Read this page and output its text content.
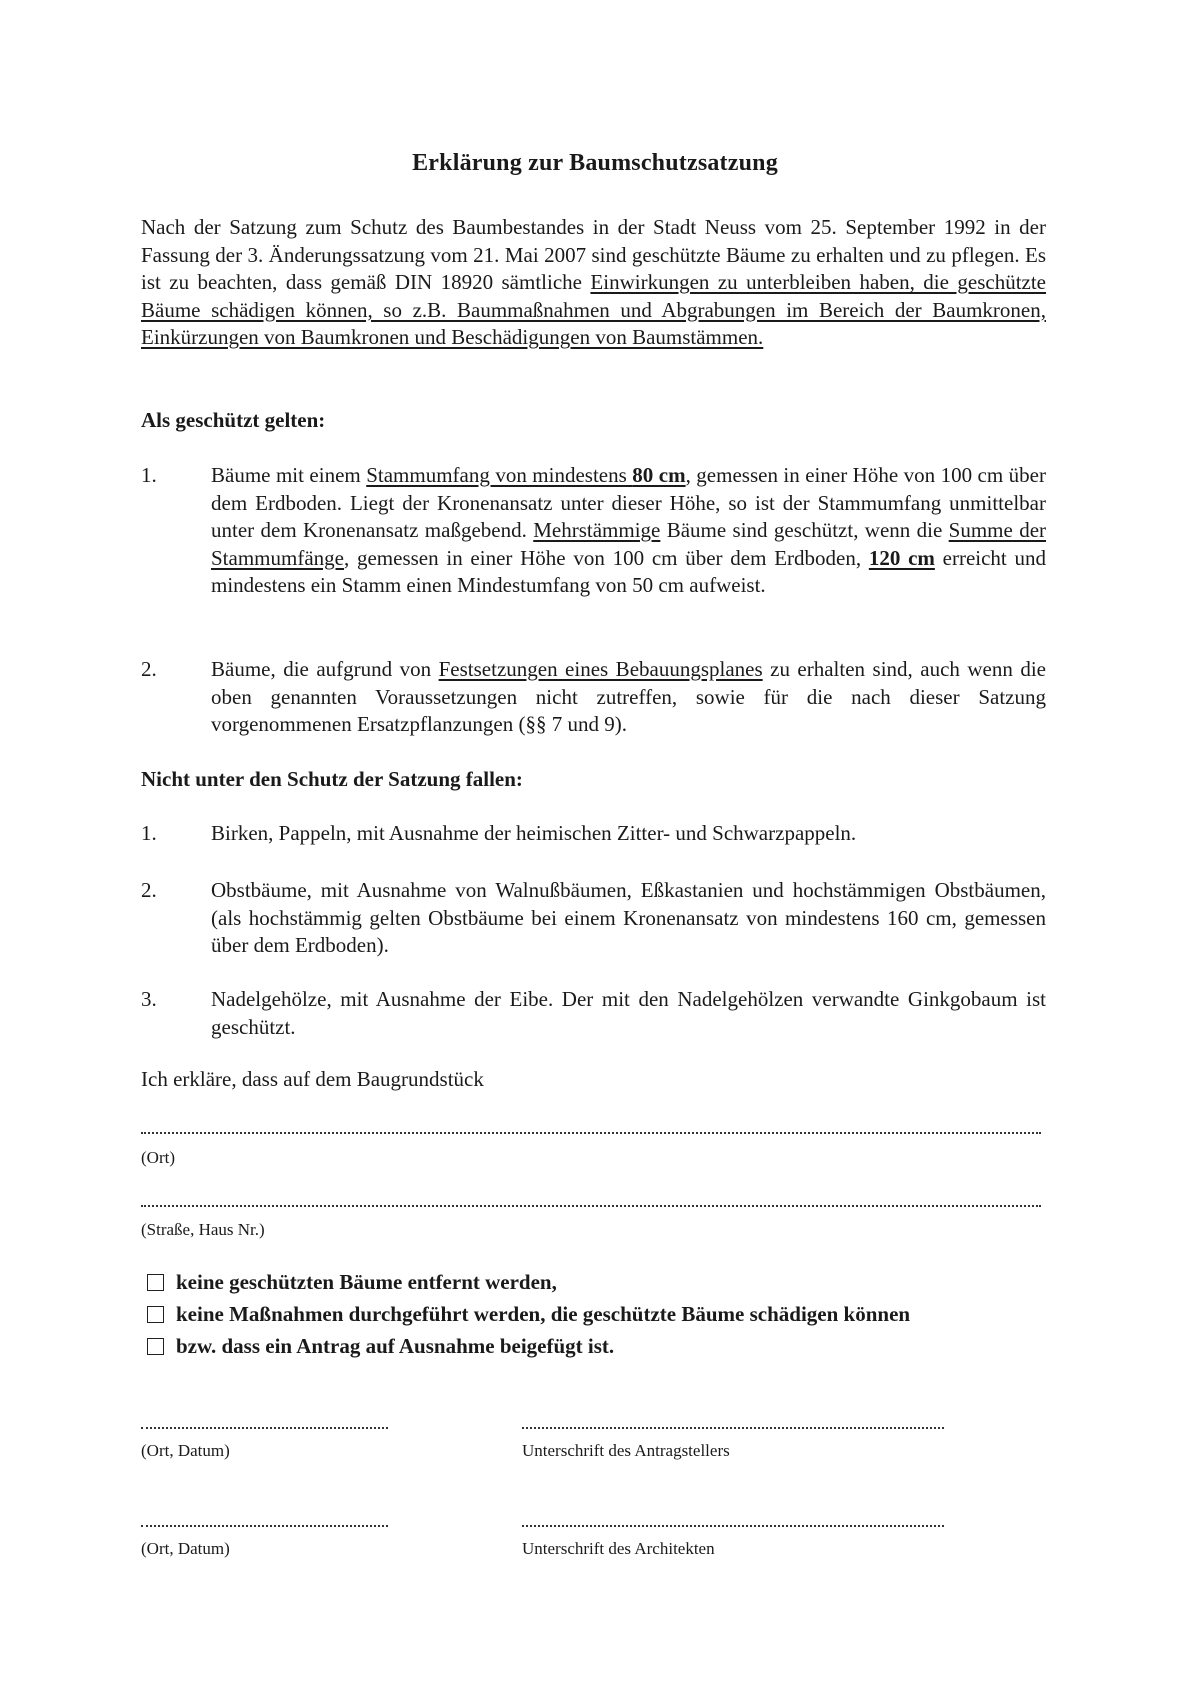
Erklärung zur Baumschutzsatzung
Nach der Satzung zum Schutz des Baumbestandes in der Stadt Neuss vom 25. September 1992 in der Fassung der 3. Änderungssatzung vom 21. Mai 2007 sind geschützte Bäume zu erhalten und zu pflegen. Es ist zu beachten, dass gemäß DIN 18920 sämtliche Einwirkungen zu unterbleiben haben, die geschützte Bäume schädigen können, so z.B. Baummaßnahmen und Abgrabungen im Bereich der Baumkronen, Einkürzungen von Baumkronen und Beschädigungen von Baumstämmen.
Als geschützt gelten:
1.	Bäume mit einem Stammumfang von mindestens 80 cm, gemessen in einer Höhe von 100 cm über dem Erdboden. Liegt der Kronenansatz unter dieser Höhe, so ist der Stammumfang unmittelbar unter dem Kronenansatz maßgebend. Mehrstämmige Bäume sind geschützt, wenn die Summe der Stammumfänge, gemessen in einer Höhe von 100 cm über dem Erdboden, 120 cm erreicht und mindestens ein Stamm einen Mindestumfang von 50 cm aufweist.
2.	Bäume, die aufgrund von Festsetzungen eines Bebauungsplanes zu erhalten sind, auch wenn die oben genannten Voraussetzungen nicht zutreffen, sowie für die nach dieser Satzung vorgenommenen Ersatzpflanzungen (§§ 7 und 9).
Nicht unter den Schutz der Satzung fallen:
1.	Birken, Pappeln, mit Ausnahme der heimischen Zitter- und Schwarzpappeln.
2.	Obstbäume, mit Ausnahme von Walnußbäumen, Eßkastanien und hochstämmigen Obstbäumen, (als hochstämmig gelten Obstbäume bei einem Kronenansatz von mindestens 160 cm, gemessen über dem Erdboden).
3.	Nadelgehölze, mit Ausnahme der Eibe. Der mit den Nadelgehölzen verwandte Ginkgobaum ist geschützt.
Ich erkläre, dass auf dem Baugrundstück
(Ort)
(Straße, Haus Nr.)
keine geschützten Bäume entfernt werden,
keine Maßnahmen durchgeführt werden, die geschützte Bäume schädigen können
bzw. dass ein Antrag auf Ausnahme beigefügt ist.
(Ort, Datum)	Unterschrift des Antragstellers
(Ort, Datum)	Unterschrift des Architekten
